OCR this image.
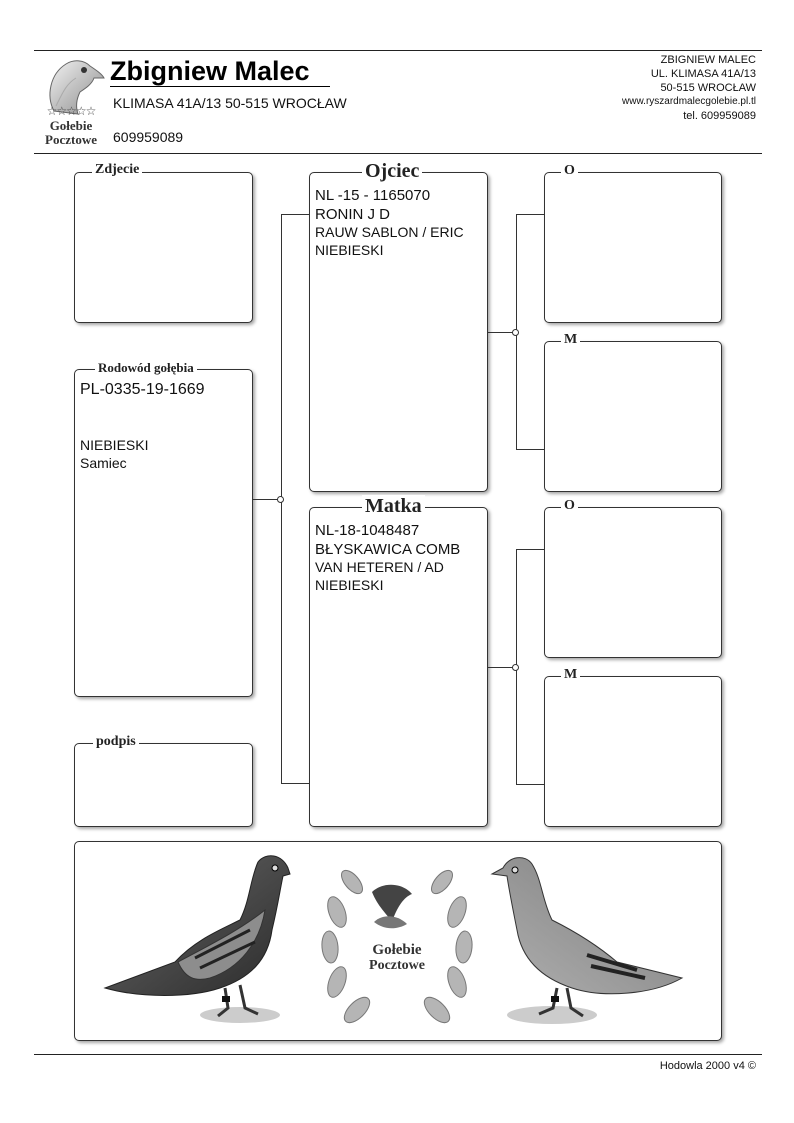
☆☆☆☆☆
Gołebie
Pocztowe
Zbigniew Malec
KLIMASA 41A/13 50-515 WROCŁAW
609959089
ZBIGNIEW MALEC
UL. KLIMASA 41A/13
50-515 WROCŁAW
www.ryszardmalecgolebie.pl.tl
tel. 609959089
Zdjecie
Rodowód gołębia
PL-0335-19-1669
NIEBIESKI
Samiec
podpis
Ojciec
NL -15 - 1165070
RONIN J D
RAUW SABLON / ERIC
NIEBIESKI
Matka
NL-18-1048487
BŁYSKAWICA COMB
VAN HETEREN / AD
NIEBIESKI
O
M
O
M
Gołebie
Pocztowe
Hodowla 2000 v4 ©
